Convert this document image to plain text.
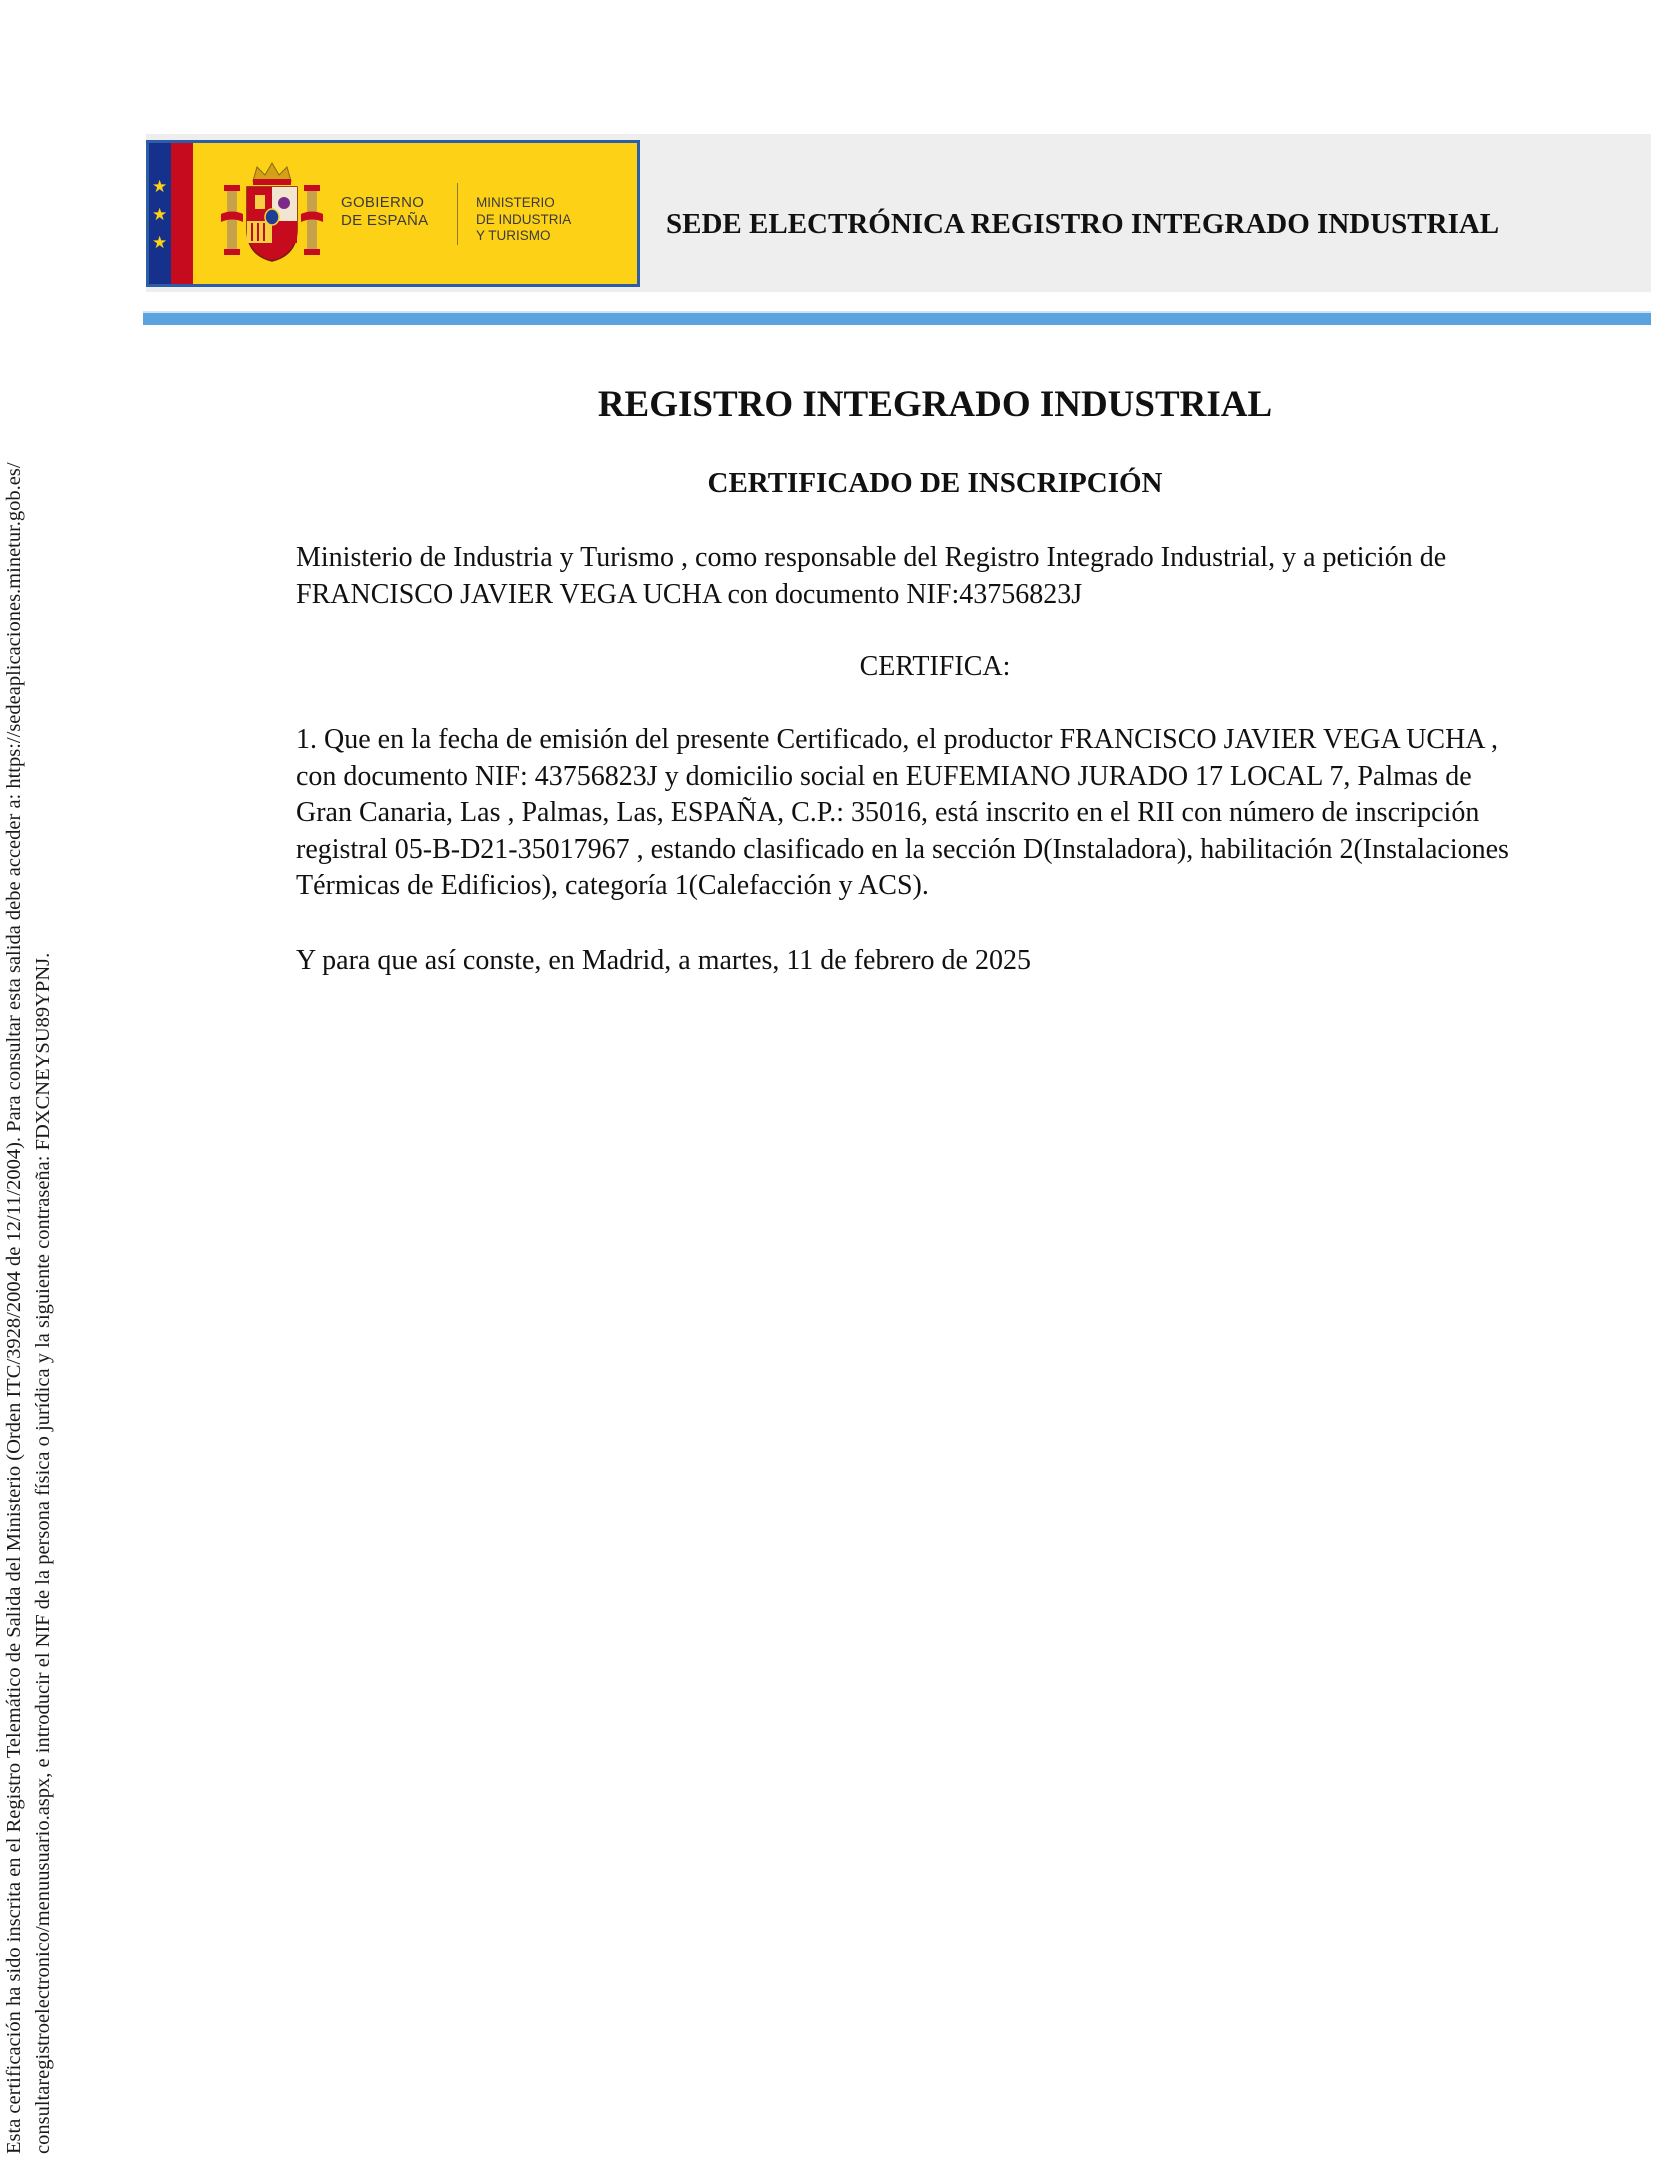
Esta certificación ha sido inscrita en el Registro Telemático de Salida del Ministerio (Orden ITC/3928/2004 de 12/11/2004). Para consultar esta salida debe acceder a: https://sedeaplicaciones.minetur.gob.es/ consultaregistroelectronico/menuusuario.aspx, e introducir el NIF de la persona física o jurídica y la siguiente contraseña: FDXCNEYSU89YPNJ.
★
★
★
GOBIERNO
DE ESPAÑA
MINISTERIO
DE INDUSTRIA
Y TURISMO	SEDE ELECTRÓNICA REGISTRO INTEGRADO INDUSTRIAL
REGISTRO INTEGRADO INDUSTRIAL
CERTIFICADO DE INSCRIPCIÓN
Ministerio de Industria y Turismo , como responsable del Registro Integrado Industrial, y a petición de
FRANCISCO JAVIER VEGA UCHA con documento NIF:43756823J
CERTIFICA:
1. Que en la fecha de emisión del presente Certificado, el productor FRANCISCO JAVIER VEGA UCHA ,
con documento NIF: 43756823J y domicilio social en EUFEMIANO JURADO 17 LOCAL 7, Palmas de
Gran Canaria, Las , Palmas, Las, ESPAÑA, C.P.: 35016, está inscrito en el RII con número de inscripción
registral 05-B-D21-35017967 , estando clasificado en la sección D(Instaladora), habilitación 2(Instalaciones
Térmicas de Edificios), categoría 1(Calefacción y ACS).
Y para que así conste, en Madrid, a martes, 11 de febrero de 2025
